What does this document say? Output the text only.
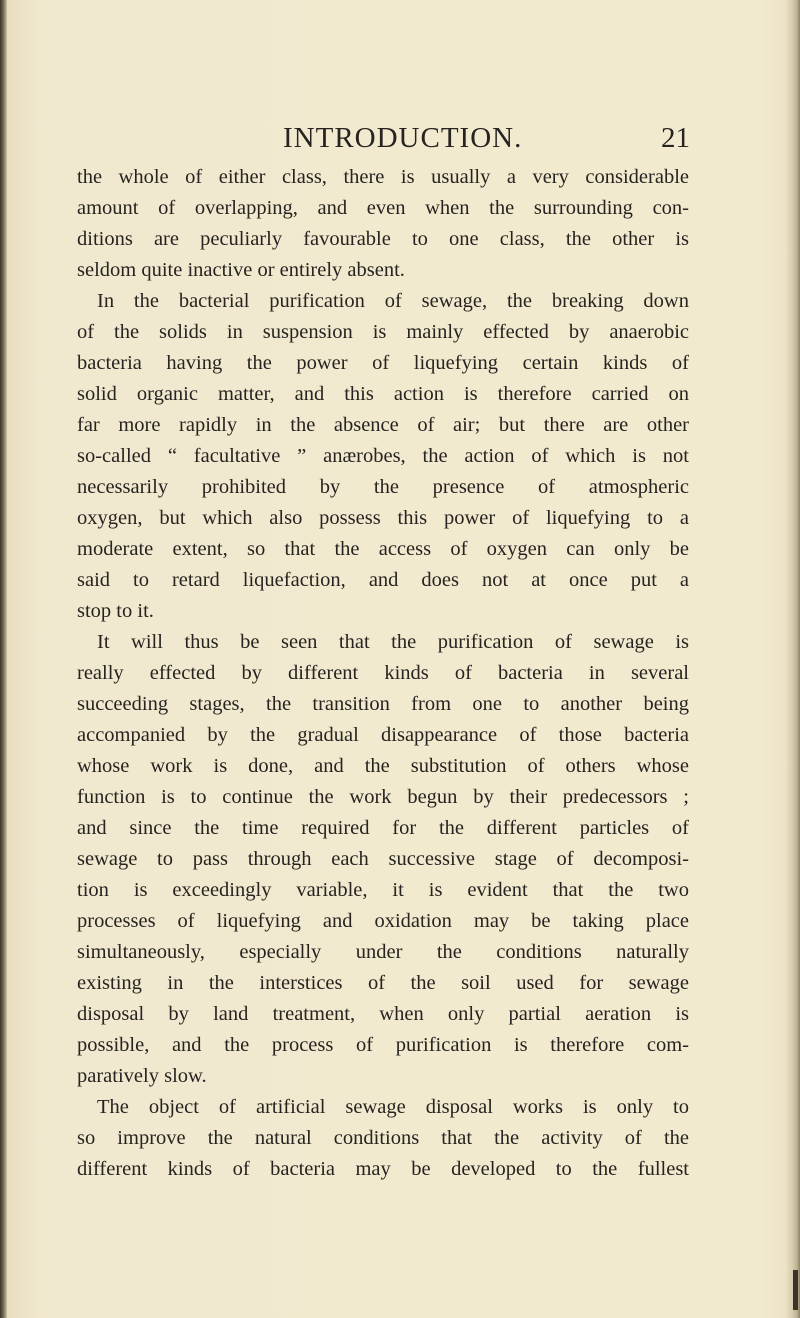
INTRODUCTION.	21
the whole of either class, there is usually a very considerable
amount of overlapping, and even when the surrounding con-
ditions are peculiarly favourable to one class, the other is
seldom quite inactive or entirely absent.
In the bacterial purification of sewage, the breaking down
of the solids in suspension is mainly effected by anaerobic
bacteria having the power of liquefying certain kinds of
solid organic matter, and this action is therefore carried on
far more rapidly in the absence of air; but there are other
so-called “ facultative ” anærobes, the action of which is not
necessarily prohibited by the presence of atmospheric
oxygen, but which also possess this power of liquefying to a
moderate extent, so that the access of oxygen can only be
said to retard liquefaction, and does not at once put a
stop to it.
It will thus be seen that the purification of sewage is
really effected by different kinds of bacteria in several
succeeding stages, the transition from one to another being
accompanied by the gradual disappearance of those bacteria
whose work is done, and the substitution of others whose
function is to continue the work begun by their predecessors ;
and since the time required for the different particles of
sewage to pass through each successive stage of decomposi-
tion is exceedingly variable, it is evident that the two
processes of liquefying and oxidation may be taking place
simultaneously, especially under the conditions naturally
existing in the interstices of the soil used for sewage
disposal by land treatment, when only partial aeration is
possible, and the process of purification is therefore com-
paratively slow.
The object of artificial sewage disposal works is only to
so improve the natural conditions that the activity of the
different kinds of bacteria may be developed to the fullest
